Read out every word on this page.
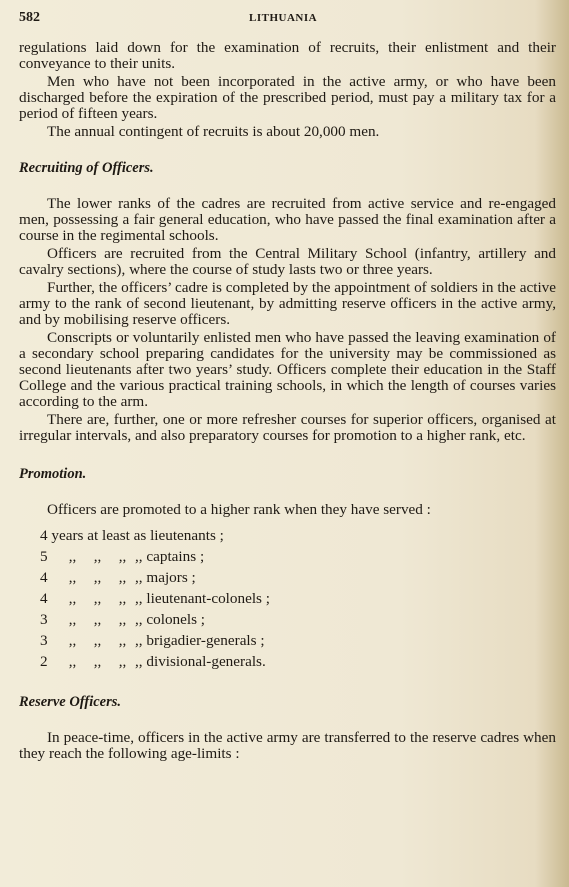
582	LITHUANIA

regulations laid down for the examination of recruits, their enlistment and their conveyance to their units.

Men who have not been incorporated in the active army, or who have been discharged before the expiration of the prescribed period, must pay a military tax for a period of fifteen years.

The annual contingent of recruits is about 20,000 men.

Recruiting of Officers.

The lower ranks of the cadres are recruited from active service and re-engaged men, possessing a fair general education, who have passed the final examination after a course in the regimental schools.

Officers are recruited from the Central Military School (infantry, artillery and cavalry sections), where the course of study lasts two or three years.

Further, the officers’ cadre is completed by the appointment of soldiers in the active army to the rank of second lieutenant, by admitting reserve officers in the active army, and by mobilising reserve officers.

Conscripts or voluntarily enlisted men who have passed the leaving examination of a secondary school preparing candidates for the university may be commissioned as second lieutenants after two years’ study. Officers complete their education in the Staff College and the various practical training schools, in which the length of courses varies according to the arm.

There are, further, one or more refresher courses for superior officers, organised at irregular intervals, and also preparatory courses for promotion to a higher rank, etc.

Promotion.

Officers are promoted to a higher rank when they have served :

4 years at least as lieutenants ;				
5	,,	,,	,,	,, captains ;
4	,,	,,	,,	,, majors ;
4	,,	,,	,,	,, lieutenant-colonels ;
3	,,	,,	,,	,, colonels ;
3	,,	,,	,,	,, brigadier-generals ;
2	,,	,,	,,	,, divisional-generals.
Reserve Officers.

In peace-time, officers in the active army are transferred to the reserve cadres when they reach the following age-limits :
